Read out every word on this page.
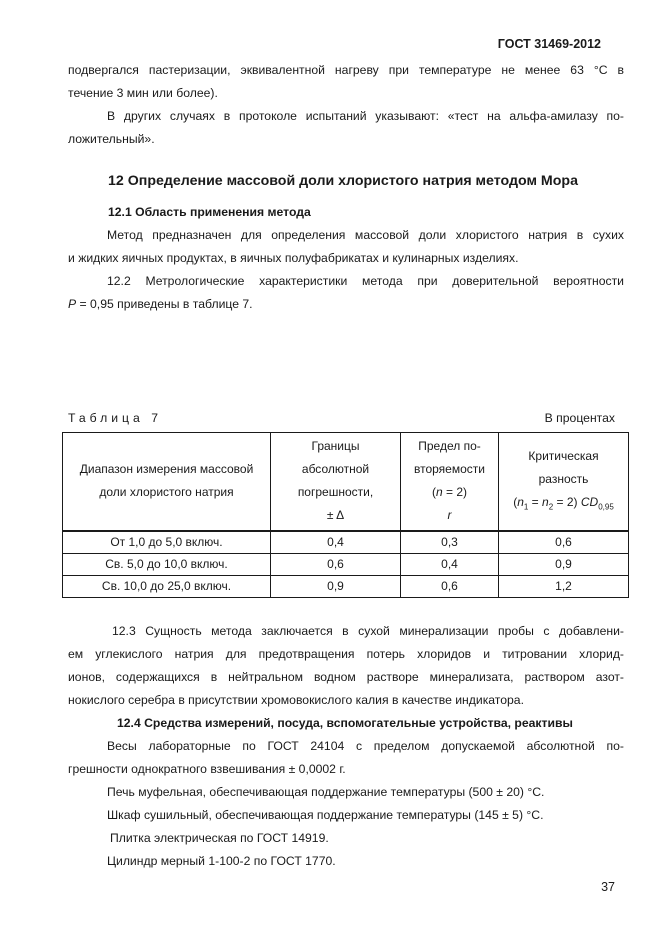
ГОСТ 31469-2012
подвергался пастеризации, эквивалентной нагреву при температуре не менее 63 °С в
течение 3 мин или более).
В других случаях в протоколе испытаний указывают: «тест на альфа-амилазу по-
ложительный».
12 Определение массовой доли хлористого натрия методом Мора
12.1 Область применения метода
Метод предназначен для определения массовой доли хлористого натрия в сухих
и жидких яичных продуктах, в яичных полуфабрикатах и кулинарных изделиях.
12.2 Метрологические характеристики метода при доверительной вероятности
P = 0,95 приведены в таблице 7.
Таблица 7	В процентах
Диапазон измерения массовой доли хлористого натрия	Границы
абсолютной
погрешности,
± Δ	Предел по-
вторяемости
(n = 2)
r	Критическая
разность
$(n_1 = n_2 = 2)$ $CD_{0,95}$

От 1,0 до 5,0 включ.	0,4	0,3	0,6
Св. 5,0 до 10,0 включ.	0,6	0,4	0,9
Св. 10,0 до 25,0 включ.	0,9	0,6	1,2
12.3 Сущность метода заключается в сухой минерализации пробы с добавлени-
ем углекислого натрия для предотвращения потерь хлоридов и титровании хлорид-
ионов, содержащихся в нейтральном водном растворе минерализата, раствором азот-
нокислого серебра в присутствии хромовокислого калия в качестве индикатора.
12.4 Средства измерений, посуда, вспомогательные устройства, реактивы
Весы лабораторные по ГОСТ 24104 с пределом допускаемой абсолютной по-
грешности однократного взвешивания ± 0,0002 г.
Печь муфельная, обеспечивающая поддержание температуры (500 ± 20) °С.
Шкаф сушильный, обеспечивающая поддержание температуры (145 ± 5) °С.
Плитка электрическая по ГОСТ 14919.
Цилиндр мерный 1-100-2 по ГОСТ 1770.
37
